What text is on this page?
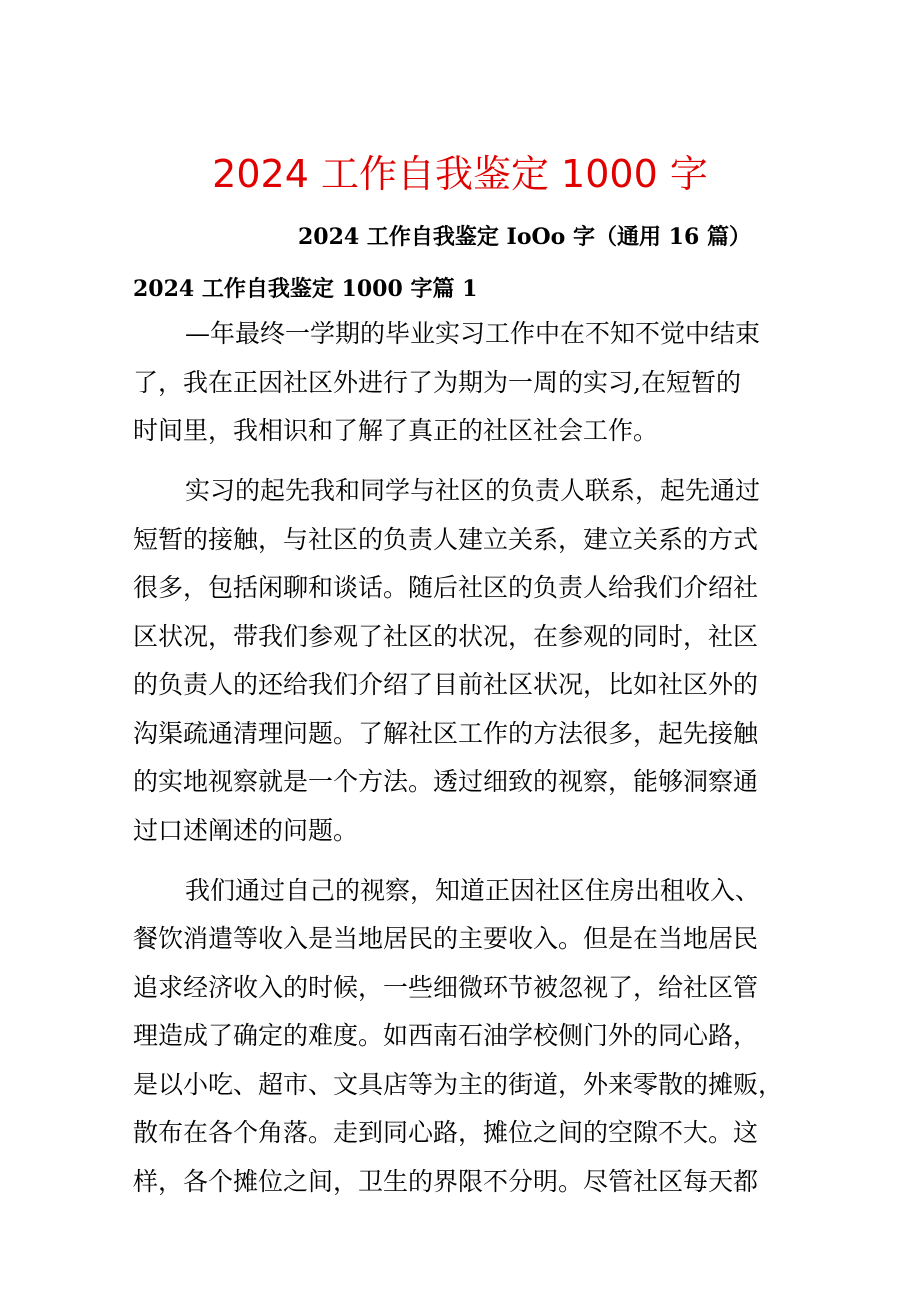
2024 工作自我鉴定 1000 字
2024 工作自我鉴定 IoOo 字（通用 16 篇）
2024 工作自我鉴定 1000 字篇 1
—年最终一学期的毕业实习工作中在不知不觉中结束
了，我在正因社区外进行了为期为一周的实习,在短暂的
时间里，我相识和了解了真正的社区社会工作。
实习的起先我和同学与社区的负责人联系，起先通过
短暂的接触，与社区的负责人建立关系，建立关系的方式
很多，包括闲聊和谈话。随后社区的负责人给我们介绍社
区状况，带我们参观了社区的状况，在参观的同时，社区
的负责人的还给我们介绍了目前社区状况，比如社区外的
沟渠疏通清理问题。了解社区工作的方法很多，起先接触
的实地视察就是一个方法。透过细致的视察，能够洞察通
过口述阐述的问题。
我们通过自己的视察，知道正因社区住房出租收入、
餐饮消遣等收入是当地居民的主要收入。但是在当地居民
追求经济收入的时候，一些细微环节被忽视了，给社区管
理造成了确定的难度。如西南石油学校侧门外的同心路，
是以小吃、超市、文具店等为主的街道，外来零散的摊贩，
散布在各个角落。走到同心路，摊位之间的空隙不大。这
样，各个摊位之间，卫生的界限不分明。尽管社区每天都
